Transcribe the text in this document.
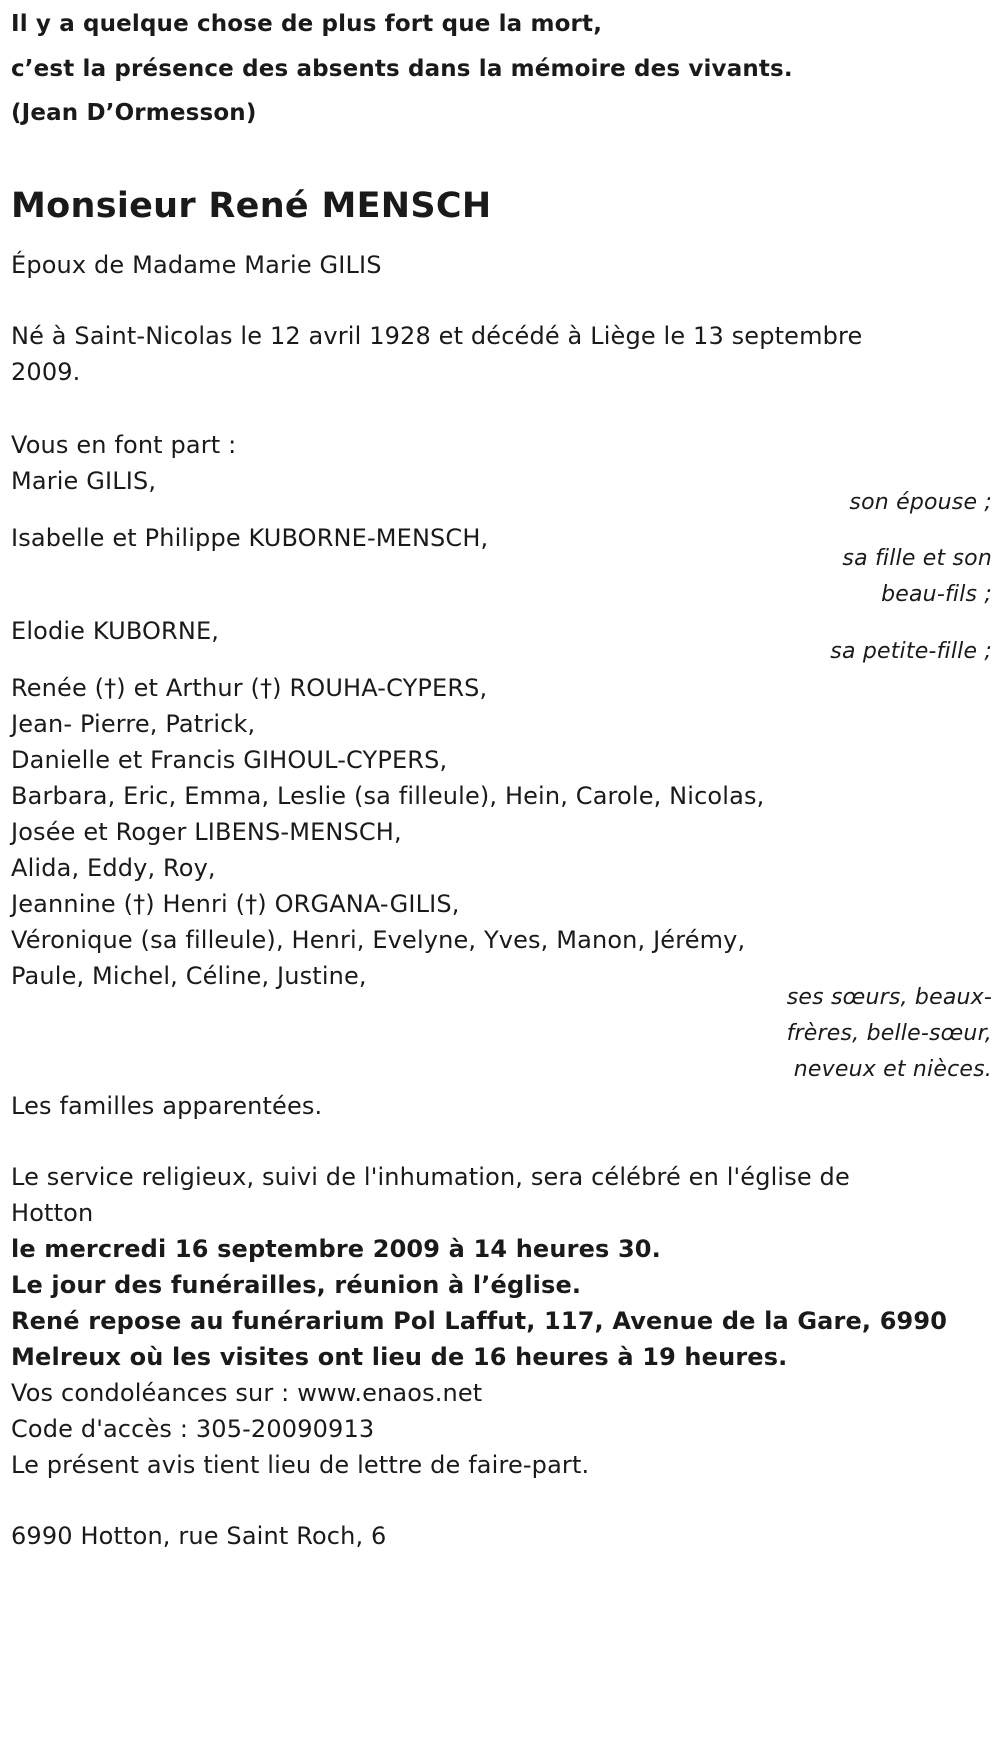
Il y a quelque chose de plus fort que la mort,
c’est la présence des absents dans la mémoire des vivants.
(Jean D’Ormesson)
Monsieur René MENSCH
Époux de Madame Marie GILIS
Né à Saint-Nicolas le 12 avril 1928 et décédé à Liège le 13 septembre
2009.
Vous en font part :
Marie GILIS,
son épouse ;
Isabelle et Philippe KUBORNE-MENSCH,
sa fille et son
beau-fils ;
Elodie KUBORNE,
sa petite-fille ;
Renée (†) et Arthur (†) ROUHA-CYPERS,
Jean- Pierre, Patrick,
Danielle et Francis GIHOUL-CYPERS,
Barbara, Eric, Emma, Leslie (sa filleule), Hein, Carole, Nicolas,
Josée et Roger LIBENS-MENSCH,
Alida, Eddy, Roy,
Jeannine (†) Henri (†) ORGANA-GILIS,
Véronique (sa filleule), Henri, Evelyne, Yves, Manon, Jérémy,
Paule, Michel, Céline, Justine,
ses sœurs, beaux-
frères, belle-sœur,
neveux et nièces.
Les familles apparentées.
Le service religieux, suivi de l'inhumation, sera célébré en l'église de
Hotton
le mercredi 16 septembre 2009 à 14 heures 30.
Le jour des funérailles, réunion à l’église.
René repose au funérarium Pol Laffut, 117, Avenue de la Gare, 6990
Melreux où les visites ont lieu de 16 heures à 19 heures.
Vos condoléances sur : www.enaos.net
Code d'accès : 305-20090913
Le présent avis tient lieu de lettre de faire-part.
6990 Hotton, rue Saint Roch, 6
